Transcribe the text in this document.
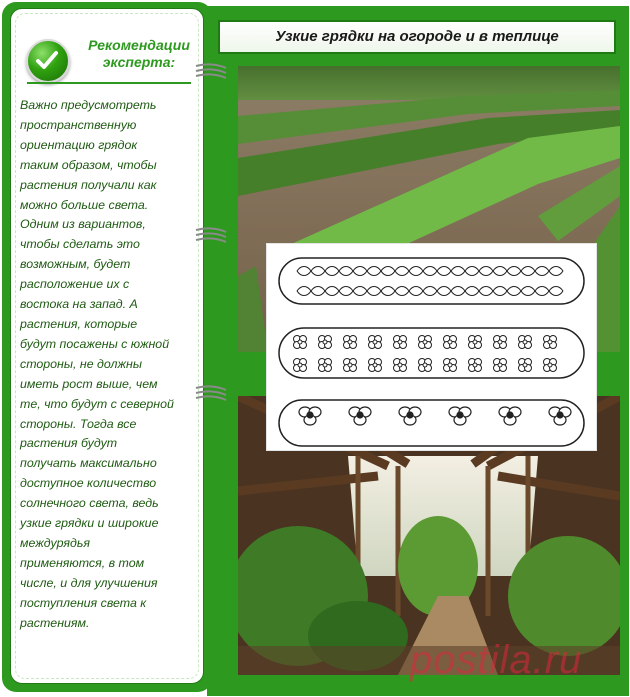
Рекомендации
эксперта:
Важно предусмотреть
пространственную
ориентацию грядок
таким образом, чтобы
растения получали как
можно больше света.
Одним из вариантов,
чтобы сделать это
возможным, будет
расположение их с
востока на запад. А
растения, которые
будут посажены с южной
стороны, не должны
иметь рост выше, чем
те, что будут с северной
стороны. Тогда все
растения будут
получать максимально
доступное количество
солнечного света, ведь
узкие грядки и широкие
междурядья
применяются, в том
числе, и для улучшения
поступления света к
растениям.
Узкие грядки на огороде и в теплице
postila.ru
